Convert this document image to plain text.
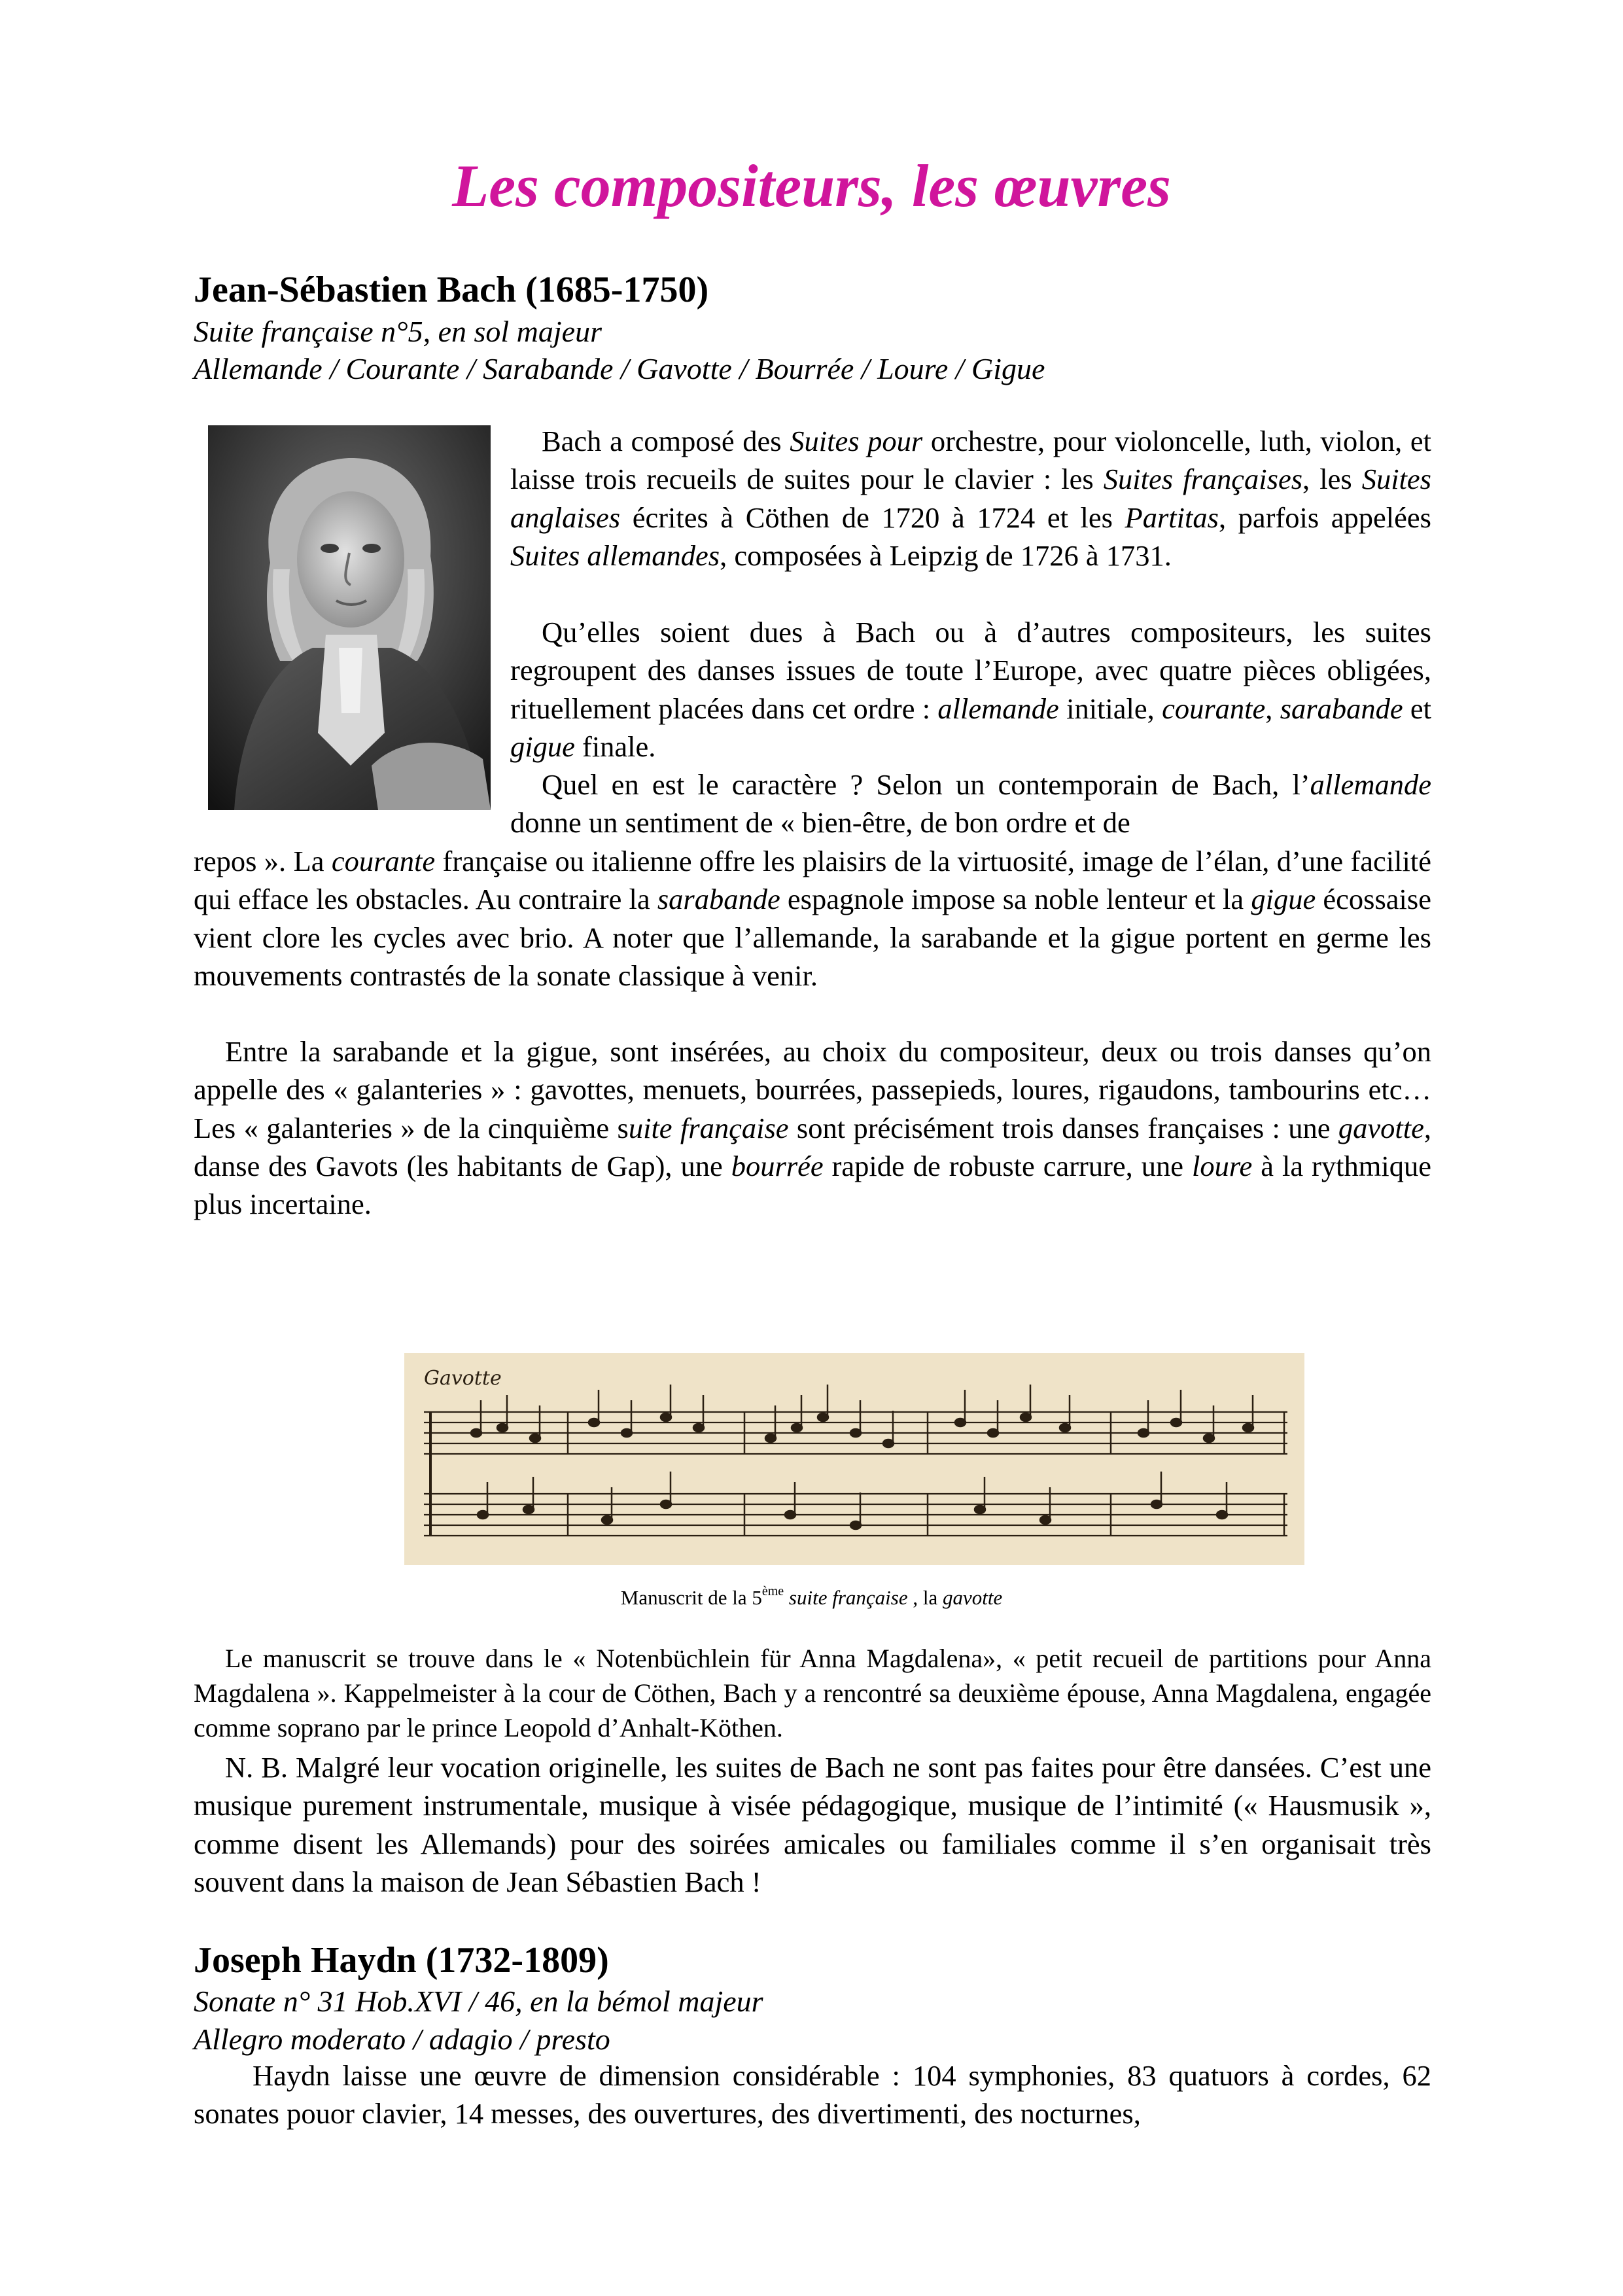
Les compositeurs, les œuvres
Jean-Sébastien Bach (1685-1750)

Suite française n°5, en sol majeur

Allemande / Courante / Sarabande / Gavotte / Bourrée / Loure / Gigue

Bach a composé des Suites pour orchestre, pour violoncelle, luth, violon, et laisse trois recueils de suites pour le clavier : les Suites françaises, les Suites anglaises écrites à Cöthen de 1720 à 1724 et les Partitas, parfois appelées Suites allemandes, composées à Leipzig de 1726 à 1731.

Qu’elles soient dues à Bach ou à d’autres compositeurs, les suites regroupent des danses issues de toute l’Europe, avec quatre pièces obligées, rituellement placées dans cet ordre : allemande initiale, courante, sarabande et gigue finale.

Quel en est le caractère ? Selon un contemporain de Bach, l’allemande donne un sentiment de « bien-être, de bon ordre et de

repos ». La courante française ou italienne offre les plaisirs de la virtuosité, image de l’élan, d’une facilité qui efface les obstacles. Au contraire la sarabande espagnole impose sa noble lenteur et la gigue écossaise vient clore les cycles avec brio. A noter que l’allemande, la sarabande et la gigue portent en germe les mouvements contrastés de la sonate classique à venir.

Entre la sarabande et la gigue, sont insérées, au choix du compositeur, deux ou trois danses qu’on appelle des « galanteries » : gavottes, menuets, bourrées, passepieds, loures, rigaudons, tambourins etc…Les « galanteries » de la cinquième suite française sont précisément trois danses françaises : une gavotte, danse des Gavots (les habitants de Gap), une bourrée rapide de robuste carrure, une loure à la rythmique plus incertaine.

Gavotte

Manuscrit de la 5ème suite française , la gavotte

Le manuscrit se trouve dans le « Notenbüchlein für Anna Magdalena», « petit recueil de partitions pour Anna Magdalena ». Kappelmeister à la cour de Cöthen, Bach y a rencontré sa deuxième épouse, Anna Magdalena, engagée comme soprano par le prince Leopold d’Anhalt-Köthen.

N. B. Malgré leur vocation originelle, les suites de Bach ne sont pas faites pour être dansées. C’est une musique purement instrumentale, musique à visée pédagogique, musique de l’intimité (« Hausmusik », comme disent les Allemands) pour des soirées amicales ou familiales comme il s’en organisait très souvent dans la maison de Jean Sébastien Bach !

Joseph Haydn (1732-1809)

Sonate n° 31 Hob.XVI / 46, en la bémol majeur

Allegro moderato / adagio / presto

Haydn laisse une œuvre de dimension considérable : 104 symphonies, 83 quatuors à cordes, 62 sonates pouor clavier, 14 messes, des ouvertures, des divertimenti, des nocturnes,
